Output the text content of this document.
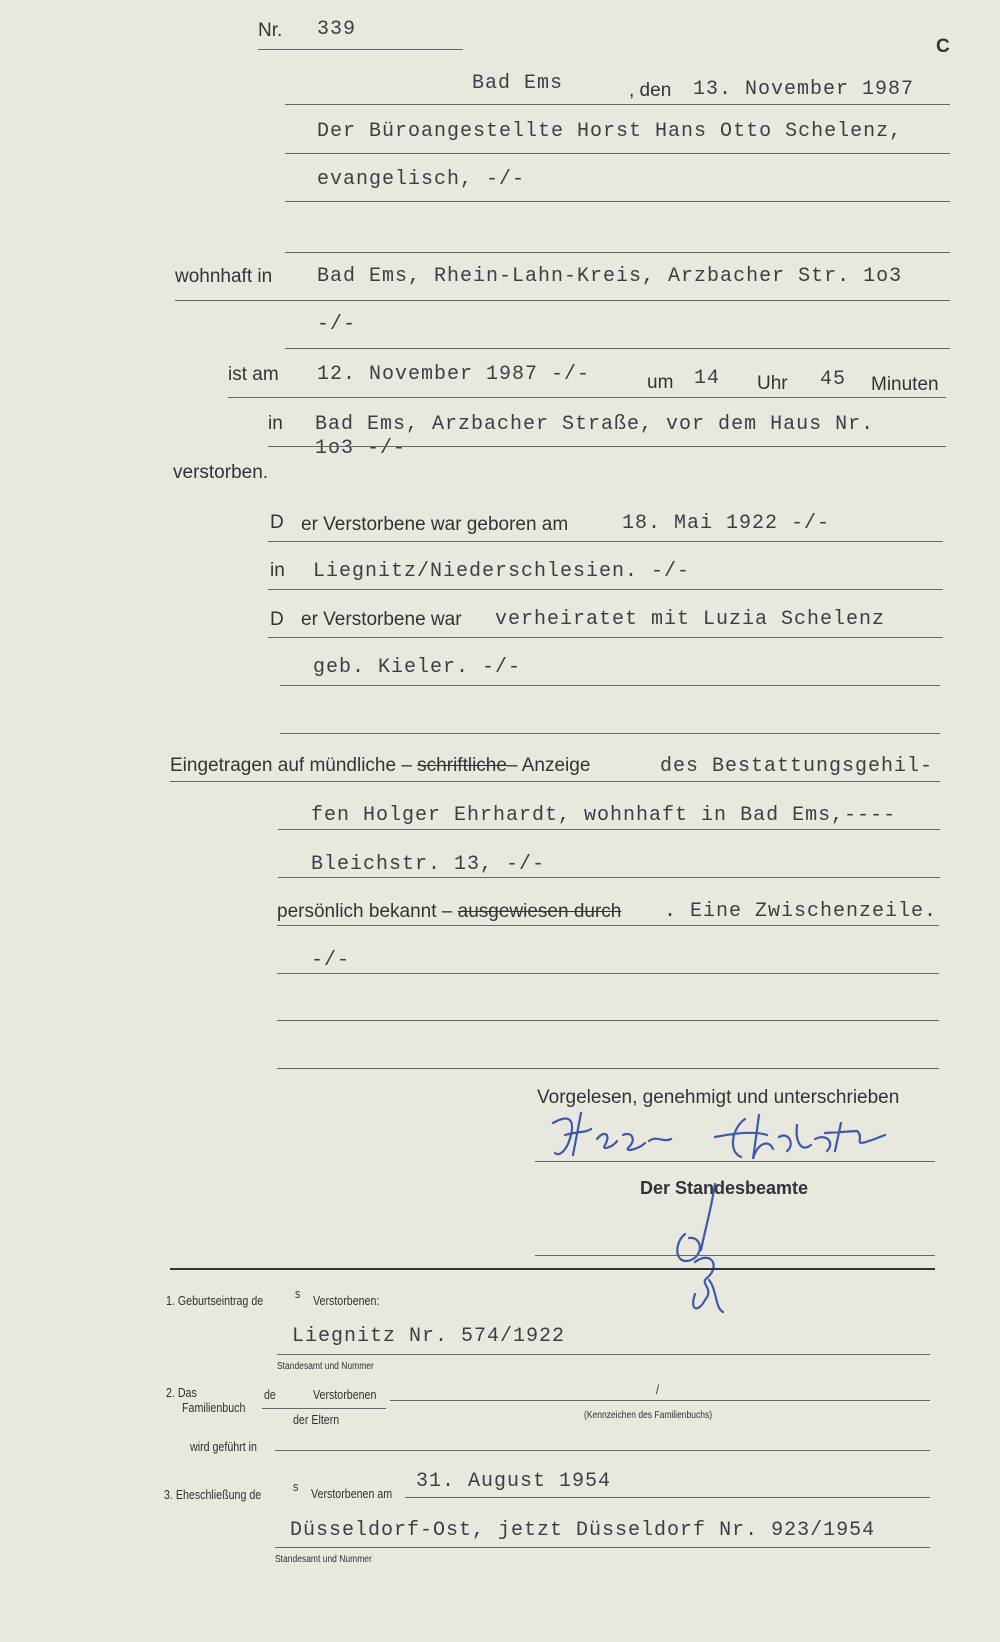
Nr. 339
C
Bad Ems	, den 13. November 1987
Der Büroangestellte Horst Hans Otto Schelenz,
evangelisch, -/-
wohnhaft in Bad Ems, Rhein-Lahn-Kreis, Arzbacher Str. 1o3
-/-
ist am 12. November 1987 -/-	um 14 Uhr 45 Minuten
in Bad Ems, Arzbacher Straße, vor dem Haus Nr.
1o3 -/-
verstorben.
D er Verstorbene war geboren am	18. Mai 1922 -/-
in Liegnitz/Niederschlesien. -/-
D er Verstorbene war verheiratet mit Luzia Schelenz
geb. Kieler. -/-
Eingetragen auf mündliche – schriftliche– Anzeige	des Bestattungsgehil-
fen Holger Ehrhardt, wohnhaft in Bad Ems,----
Bleichstr. 13, -/-
persönlich bekannt – ausgewiesen durch . Eine Zwischenzeile.
-/-
Vorgelesen, genehmigt und unterschrieben
Der Standesbeamte
1. Geburtseintrag de s Verstorbenen:
Liegnitz Nr. 574/1922
Standesamt und Nummer
2. Das
Familienbuch
de	Verstorbenen
der Eltern
/
(Kennzeichen des Familienbuchs)
wird geführt in
3. Eheschließung de
s Verstorbenen am
31. August 1954
Düsseldorf-Ost, jetzt Düsseldorf Nr. 923/1954
Standesamt und Nummer
